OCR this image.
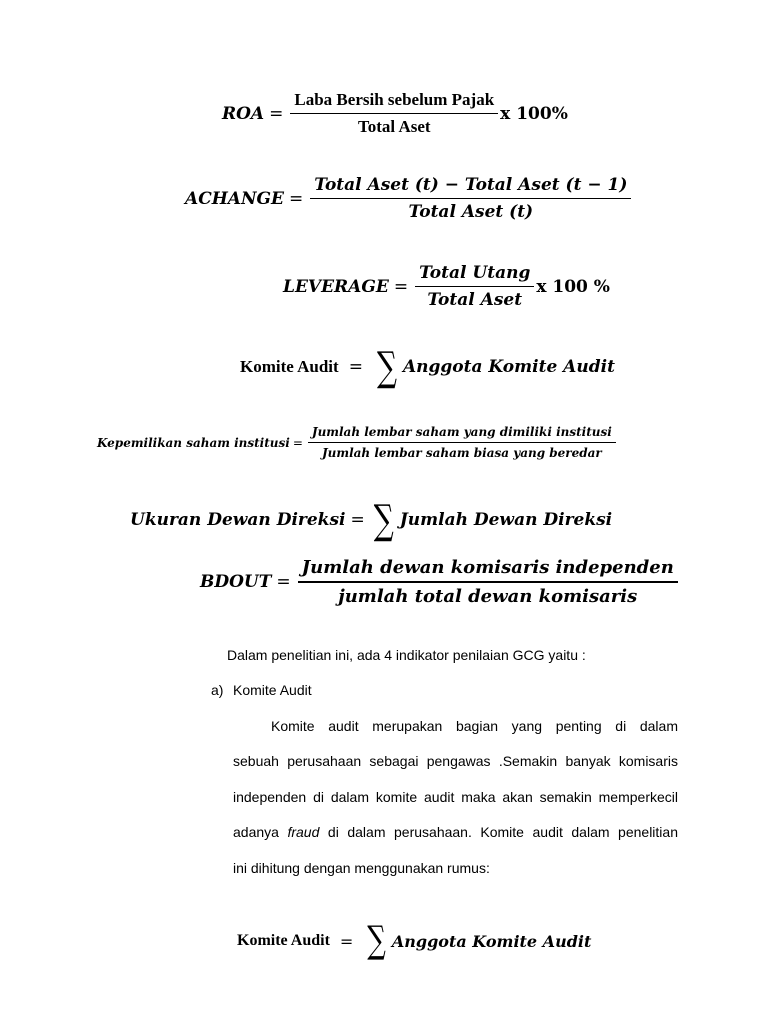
ROA = $\frac{\text{Laba Bersih sebelum Pajak}}{\text{Total Aset}}$ x 100%
ACHANGE = $\frac{\text{Total Aset (t) − Total Aset (t − 1)}}{\text{Total Aset (t)}}$
LEVERAGE = $\frac{\text{Total Utang}}{\text{Total Aset}}$ x 100 %
Komite Audit = ∑ Anggota Komite Audit
Kepemilikan saham institusi = $\frac{\text{Jumlah lembar saham yang dimiliki institusi}}{\text{Jumlah lembar saham biasa yang beredar}}$
Ukuran Dewan Direksi = ∑ Jumlah Dewan Direksi
BDOUT = $\frac{\text{Jumlah dewan komisaris independen}}{\text{jumlah total dewan komisaris}}$
Dalam penelitian ini, ada 4 indikator penilaian GCG yaitu :
a) Komite Audit
Komite audit merupakan bagian yang penting di dalam
sebuah perusahaan sebagai pengawas .Semakin banyak komisaris
independen di dalam komite audit maka akan semakin memperkecil
adanya fraud di dalam perusahaan. Komite audit dalam penelitian
ini dihitung dengan menggunakan rumus:
Komite Audit = ∑ Anggota Komite Audit
